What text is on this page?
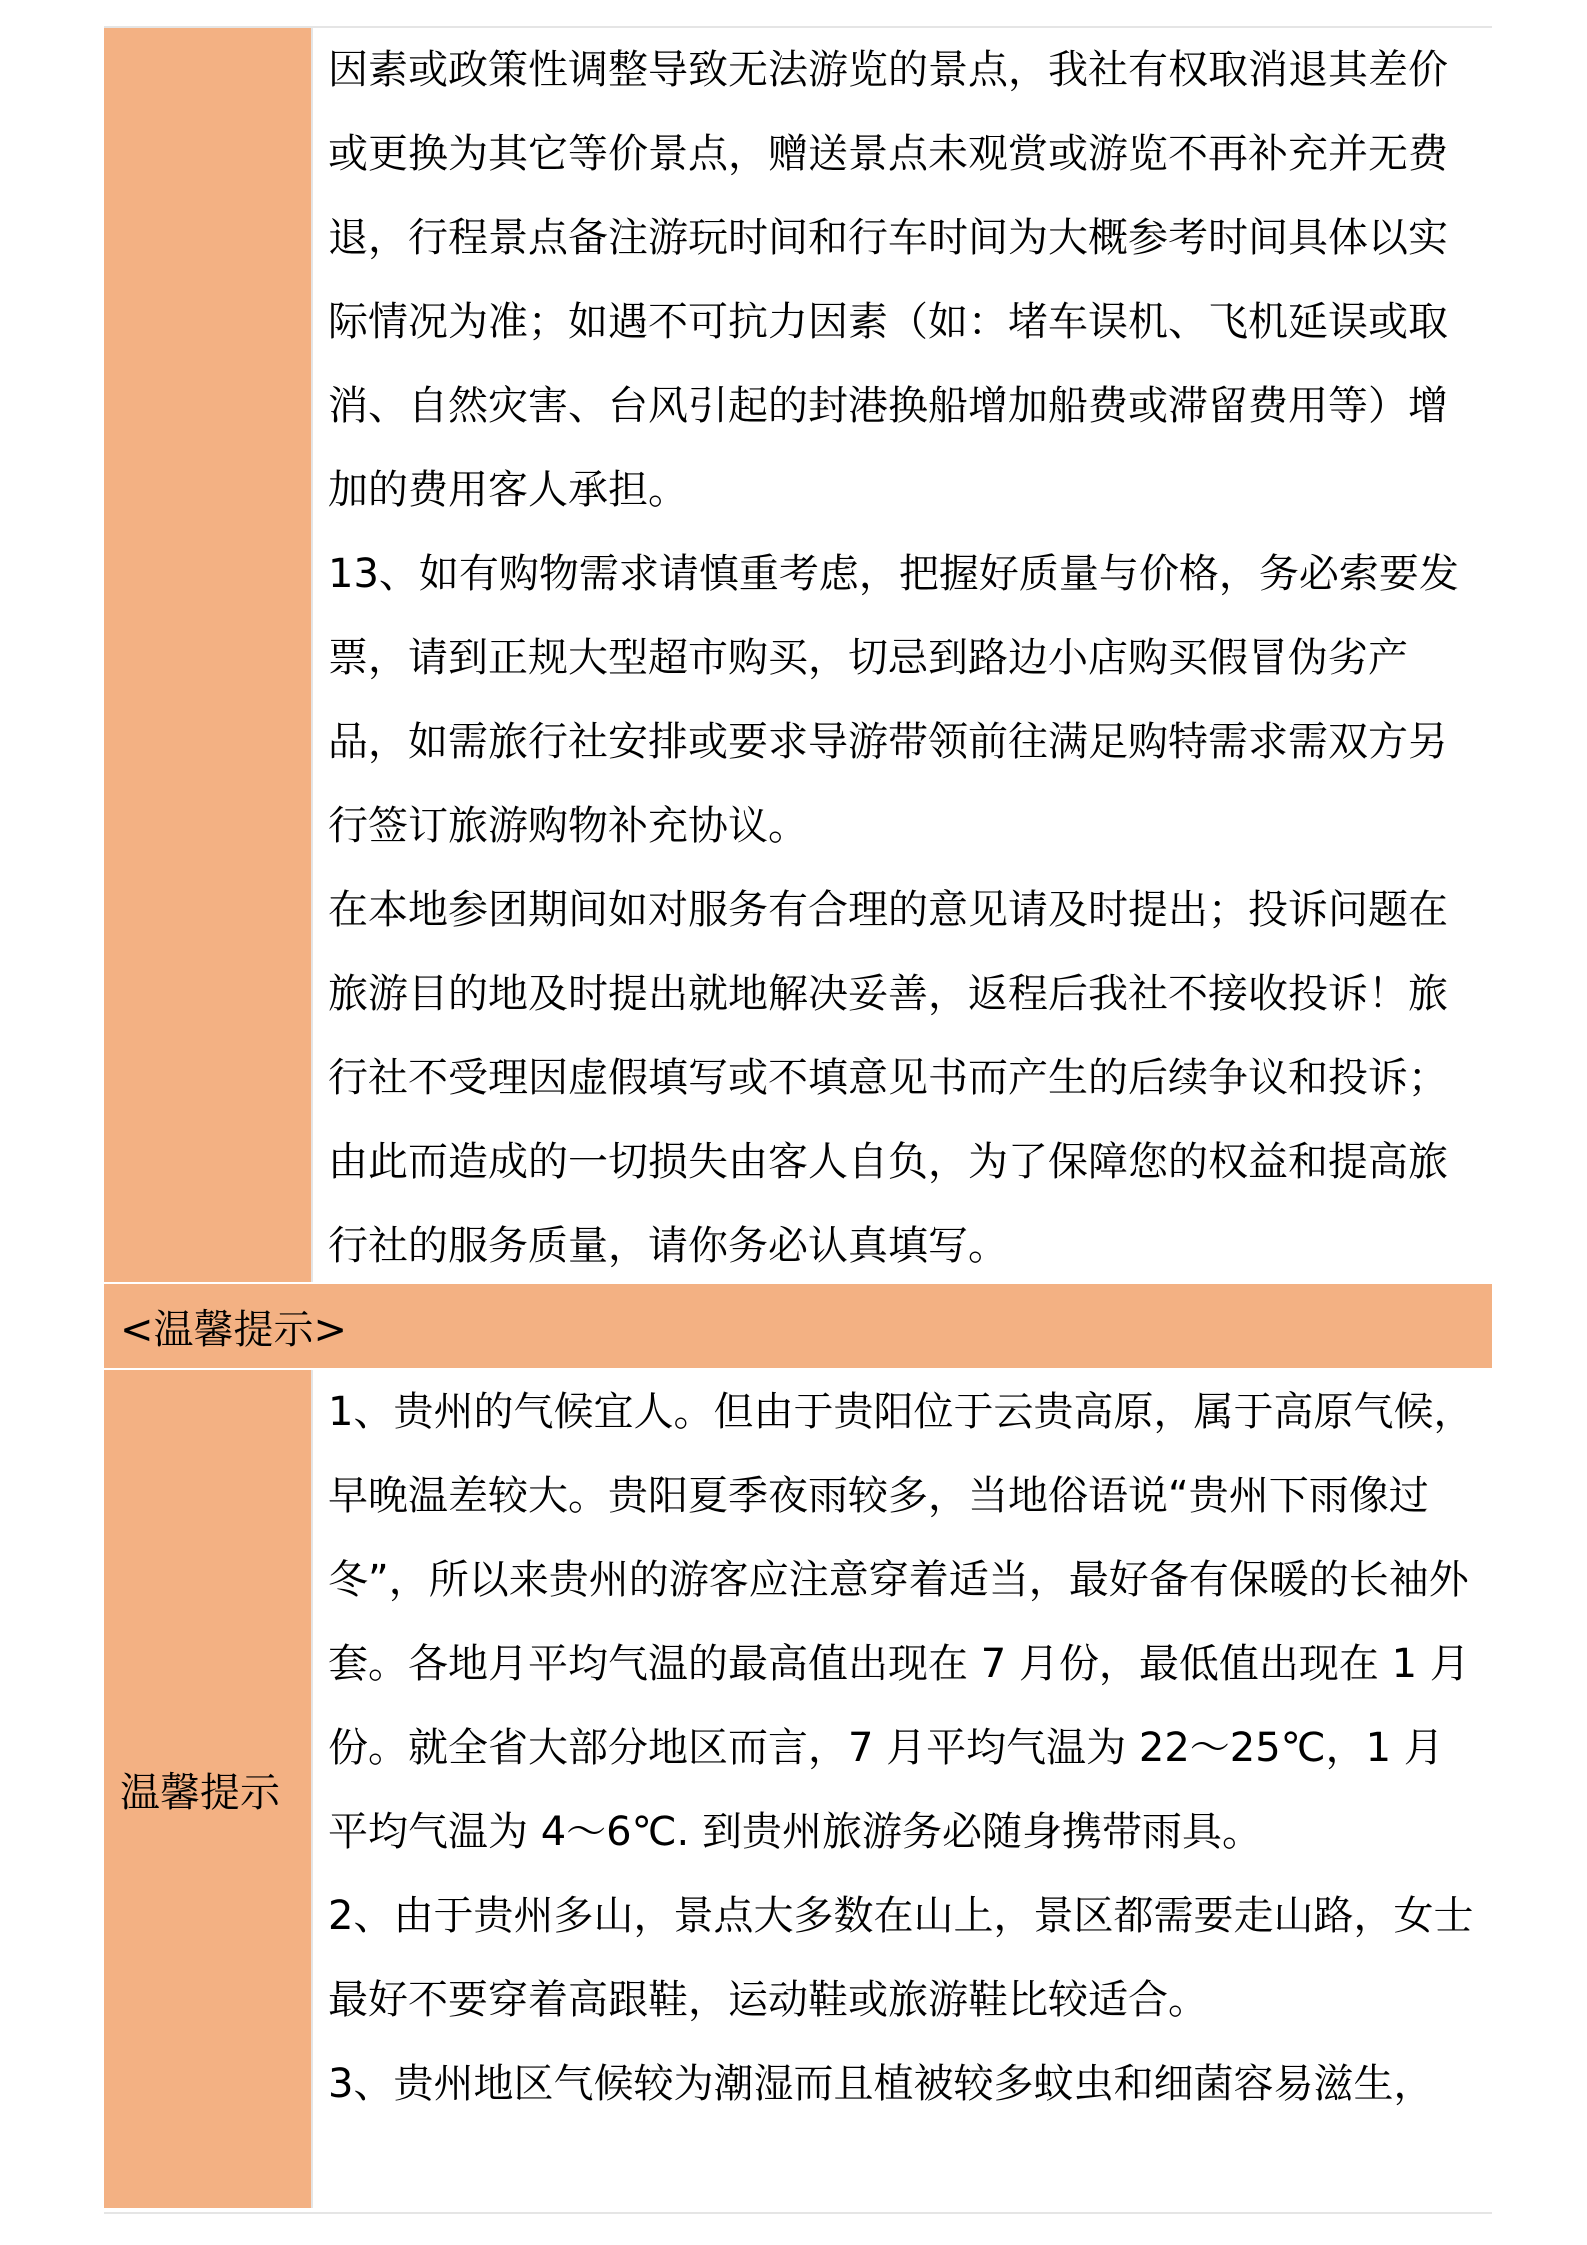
因素或政策性调整导致无法游览的景点，我社有权取消退其差价或更换为其它等价景点，赠送景点未观赏或游览不再补充并无费退，行程景点备注游玩时间和行车时间为大概参考时间具体以实际情况为准；如遇不可抗力因素（如：堵车误机、飞机延误或取消、自然灾害、台风引起的封港换船增加船费或滞留费用等）增加的费用客人承担。

13、如有购物需求请慎重考虑，把握好质量与价格，务必索要发票，请到正规大型超市购买，切忌到路边小店购买假冒伪劣产品，如需旅行社安排或要求导游带领前往满足购特需求需双方另行签订旅游购物补充协议。

在本地参团期间如对服务有合理的意见请及时提出；投诉问题在旅游目的地及时提出就地解决妥善，返程后我社不接收投诉！旅行社不受理因虚假填写或不填意见书而产生的后续争议和投诉；由此而造成的一切损失由客人自负，为了保障您的权益和提高旅行社的服务质量，请你务必认真填写。

<温馨提示>
温馨提示

1、贵州的气候宜人。但由于贵阳位于云贵高原，属于高原气候，早晚温差较大。贵阳夏季夜雨较多，当地俗语说“贵州下雨像过冬”，所以来贵州的游客应注意穿着适当，最好备有保暖的长袖外套。各地月平均气温的最高值出现在 7 月份，最低值出现在 1 月份。就全省大部分地区而言，7 月平均气温为 22～25℃，1 月平均气温为 4～6℃. 到贵州旅游务必随身携带雨具。

2、由于贵州多山，景点大多数在山上，景区都需要走山路，女士最好不要穿着高跟鞋，运动鞋或旅游鞋比较适合。

3、贵州地区气候较为潮湿而且植被较多蚊虫和细菌容易滋生，
